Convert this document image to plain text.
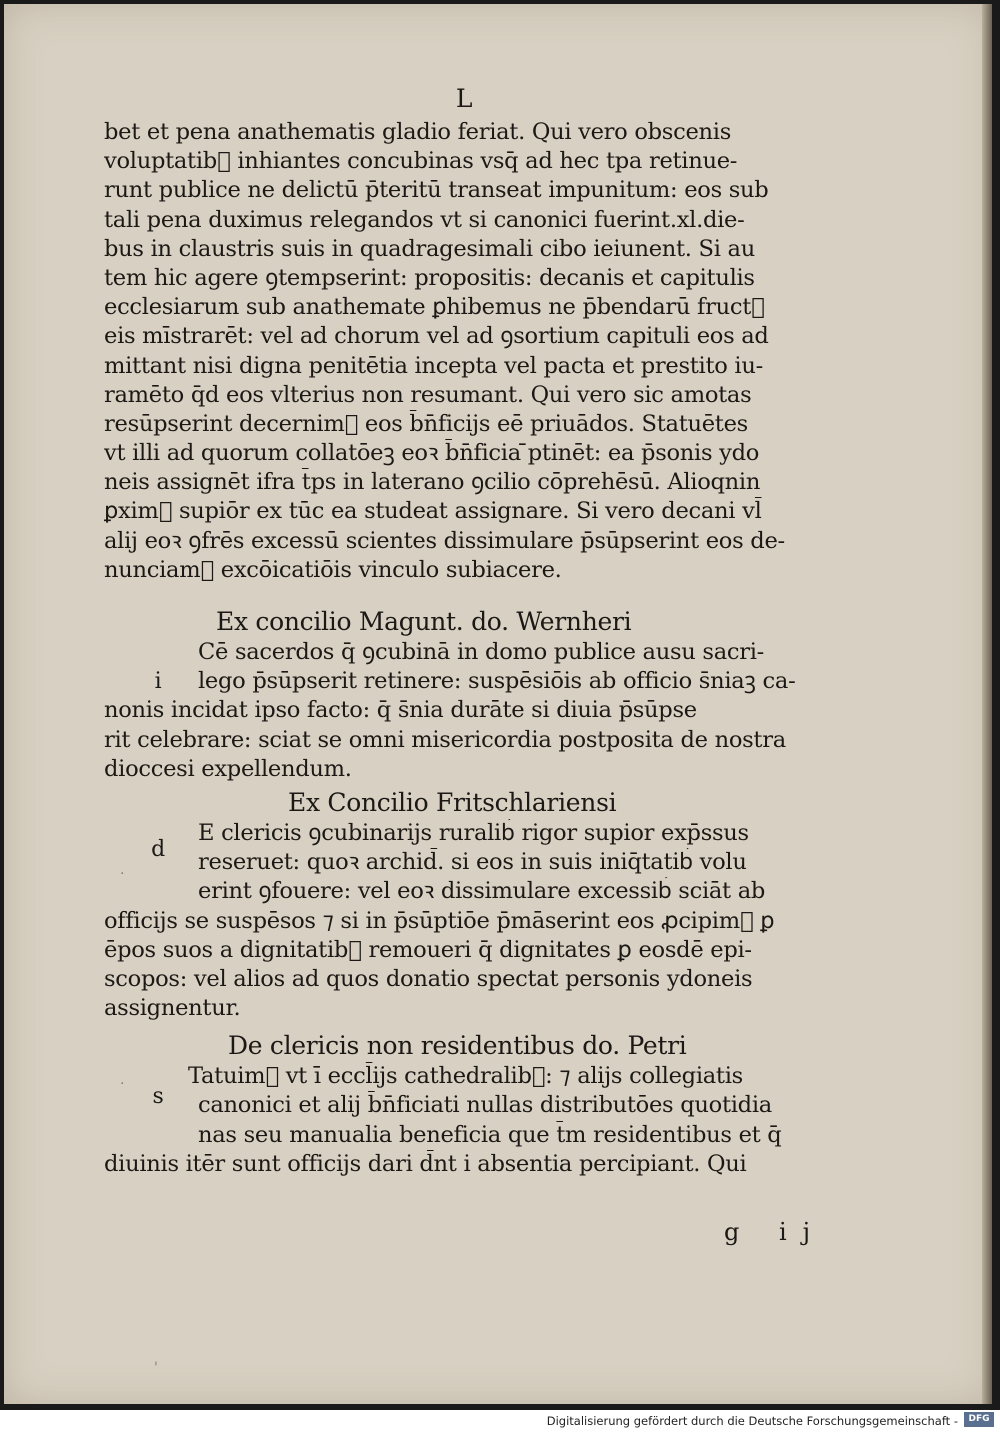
·
·
'
L
bet et pena anathematis gladio feriat. Qui vero obscenis
voluptatib᷒ inhiantes concubinas vsq̄ ad hec tpa retinue-
runt publice ne delictū p̄teritū transeat impunitum: eos sub
tali pena duximus relegandos vt si canonici fuerint.xl.die-
bus in claustris suis in quadragesimali cibo ieiunent. Si au
tem hic agere ꝯtempserint: propositis: decanis et capitulis
ecclesiarum sub anathemate ꝑhibemus ne p̄bendarū fruct᷒
eis mīstrarēt: vel ad chorum vel ad ꝯsortium capituli eos ad
mittant nisi digna penitētia incepta vel pacta et prestito iu-
ramēto q̄d eos vlterius non resumant. Qui vero sic amotas
resūpserint decernim᷒ eos b̄n̄ficijs eē priuādos. Statuētes
vt illi ad quorum collatōeꝫ eoꝛ b̄n̄ficia ̄ptinēt: ea p̄sonis ydo
neis assignēt ifra t̄ps in laterano ꝯcilio cōprehēsū. Alioqnin
ꝑxim᷒ supiōr ex tūc ea studeat assignare. Si vero decani vl̄
alij eoꝛ ꝯfrēs excessū scientes dissimulare p̄sūpserint eos de-
nunciam᷒ excōicatiōis vinculo subiacere.
Ex concilio Magunt. do. Wernheri
i
Cē sacerdos q̄ ꝯcubinā in domo publice ausu sacri-
lego p̄sūpserit retinere: suspēsiōis ab officio s̄niaꝫ ca-
nonis incidat ipso facto: q̄ s̄nia durāte si diuia p̄sūpse
rit celebrare: sciat se omni misericordia postposita de nostra
dioccesi expellendum.
Ex Concilio Fritschlariensi
d
E clericis ꝯcubinarijs ruralib᷒ rigor supior exp̄ssus
reseruet: quoꝛ archid̄. si eos in suis iniq̄tatib᷒ volu
erint ꝯfouere: vel eoꝛ dissimulare excessib᷒ sciāt ab
officijs se suspēsos ⁊ si in p̄sūptiōe p̄māserint eos ꝓcipim᷒ ꝑ
ēpos suos a dignitatib᷒ remoueri q̄ dignitates ꝑ eosdē epi-
scopos: vel alios ad quos donatio spectat personis ydoneis
assignentur.
De clericis non residentibus do. Petri
s
Tatuim᷒ vt ī eccl̄ijs cathedralib᷒: ⁊ alijs collegiatis
canonici et alij b̄n̄ficiati nullas distributōes quotidia
nas seu manualia beneficia que t̄m residentibus et q̄
diuinis itēr sunt officijs dari d̄nt i absentia percipiant. Qui
g ij
Digitalisierung gefördert durch die Deutsche Forschungsgemeinschaft -	DFG
